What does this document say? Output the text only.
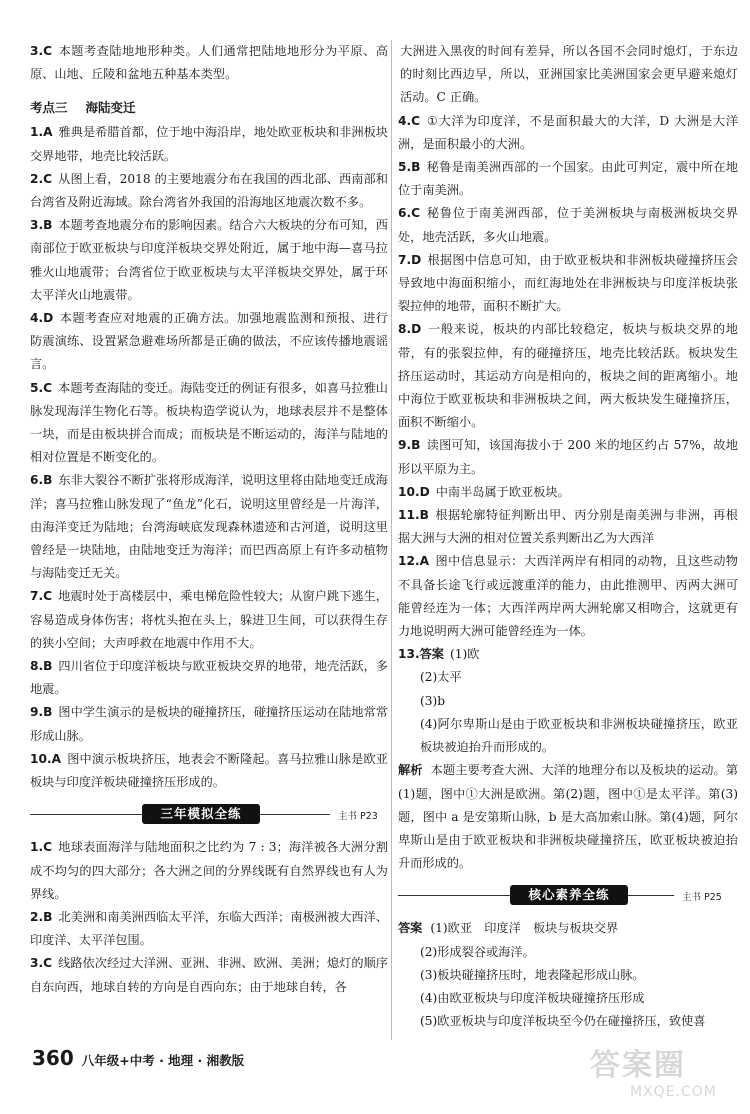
3.C 本题考查陆地地形种类。人们通常把陆地地形分为平原、高原、山地、丘陵和盆地五种基本类型。

考点三 海陆变迁

1.A 雅典是希腊首都，位于地中海沿岸，地处欧亚板块和非洲板块交界地带，地壳比较活跃。

2.C 从图上看，2018 的主要地震分布在我国的西北部、西南部和台湾省及附近海域。除台湾省外我国的沿海地区地震次数不多。

3.B 本题考查地震分布的影响因素。结合六大板块的分布可知，西南部位于欧亚板块与印度洋板块交界处附近，属于地中海—喜马拉雅火山地震带；台湾省位于欧亚板块与太平洋板块交界处，属于环太平洋火山地震带。

4.D 本题考查应对地震的正确方法。加强地震监测和预报、进行防震演练、设置紧急避难场所都是正确的做法，不应该传播地震谣言。

5.C 本题考查海陆的变迁。海陆变迁的例证有很多，如喜马拉雅山脉发现海洋生物化石等。板块构造学说认为，地球表层并不是整体一块，而是由板块拼合而成；而板块是不断运动的，海洋与陆地的相对位置是不断变化的。

6.B 东非大裂谷不断扩张将形成海洋，说明这里将由陆地变迁成海洋；喜马拉雅山脉发现了“鱼龙”化石，说明这里曾经是一片海洋，由海洋变迁为陆地；台湾海峡底发现森林遗迹和古河道，说明这里曾经是一块陆地，由陆地变迁为海洋；而巴西高原上有许多动植物与海陆变迁无关。

7.C 地震时处于高楼层中，乘电梯危险性较大；从窗户跳下逃生，容易造成身体伤害；将枕头抱在头上，躲进卫生间，可以获得生存的狭小空间；大声呼救在地震中作用不大。

8.B 四川省位于印度洋板块与欧亚板块交界的地带，地壳活跃，多地震。

9.B 图中学生演示的是板块的碰撞挤压，碰撞挤压运动在陆地常常形成山脉。

10.A 图中演示板块挤压，地表会不断隆起。喜马拉雅山脉是欧亚板块与印度洋板块碰撞挤压形成的。

三年模拟全练	主书 P23

1.C 地球表面海洋与陆地面积之比约为 7 : 3；海洋被各大洲分割成不均匀的四大部分；各大洲之间的分界线既有自然界线也有人为界线。

2.B 北美洲和南美洲西临太平洋，东临大西洋；南极洲被大西洋、印度洋、太平洋包围。

3.C 线路依次经过大洋洲、亚洲、非洲、欧洲、美洲；熄灯的顺序自东向西，地球自转的方向是自西向东；由于地球自转，各

大洲进入黑夜的时间有差异，所以各国不会同时熄灯，于东边的时刻比西边早，所以，亚洲国家比美洲国家会更早避来熄灯活动。C 正确。

4.C ①大洋为印度洋，不是面积最大的大洋，D 大洲是大洋洲，是面积最小的大洲。

5.B 秘鲁是南美洲西部的一个国家。由此可判定，震中所在地位于南美洲。

6.C 秘鲁位于南美洲西部，位于美洲板块与南极洲板块交界处，地壳活跃，多火山地震。

7.D 根据图中信息可知，由于欧亚板块和非洲板块碰撞挤压会导致地中海面积缩小，而红海地处在非洲板块与印度洋板块张裂拉伸的地带，面积不断扩大。

8.D 一般来说，板块的内部比较稳定，板块与板块交界的地带，有的张裂拉伸，有的碰撞挤压，地壳比较活跃。板块发生挤压运动时，其运动方向是相向的，板块之间的距离缩小。地中海位于欧亚板块和非洲板块之间，两大板块发生碰撞挤压，面积不断缩小。

9.B 读图可知，该国海拔小于 200 米的地区约占 57%，故地形以平原为主。

10.D 中南半岛属于欧亚板块。

11.B 根据轮廓特征判断出甲、丙分别是南美洲与非洲，再根据大洲与大洲的相对位置关系判断出乙为大西洋

12.A 图中信息显示：大西洋两岸有相同的动物，且这些动物不具备长途飞行或远渡重洋的能力，由此推测甲、丙两大洲可能曾经连为一体；大西洋两岸两大洲轮廓又相吻合，这就更有力地说明两大洲可能曾经连为一体。

13.答案 (1)欧

(2)太平

(3)b

(4)阿尔卑斯山是由于欧亚板块和非洲板块碰撞挤压，欧亚板块被迫抬升而形成的。

解析 本题主要考查大洲、大洋的地理分布以及板块的运动。第(1)题，图中①大洲是欧洲。第(2)题，图中①是太平洋。第(3)题，图中 a 是安第斯山脉，b 是大高加索山脉。第(4)题，阿尔卑斯山是由于欧亚板块和非洲板块碰撞挤压，欧亚板块被迫抬升而形成的。

核心素养全练	主书 P25

答案 (1)欧亚　印度洋　板块与板块交界

(2)形成裂谷或海洋。

(3)板块碰撞挤压时，地表隆起形成山脉。

(4)由欧亚板块与印度洋板块碰撞挤压形成

(5)欧亚板块与印度洋板块至今仍在碰撞挤压，致使喜

360 八年级+中考 · 地理 · 湘教版	答案圈
MXQE.COM
